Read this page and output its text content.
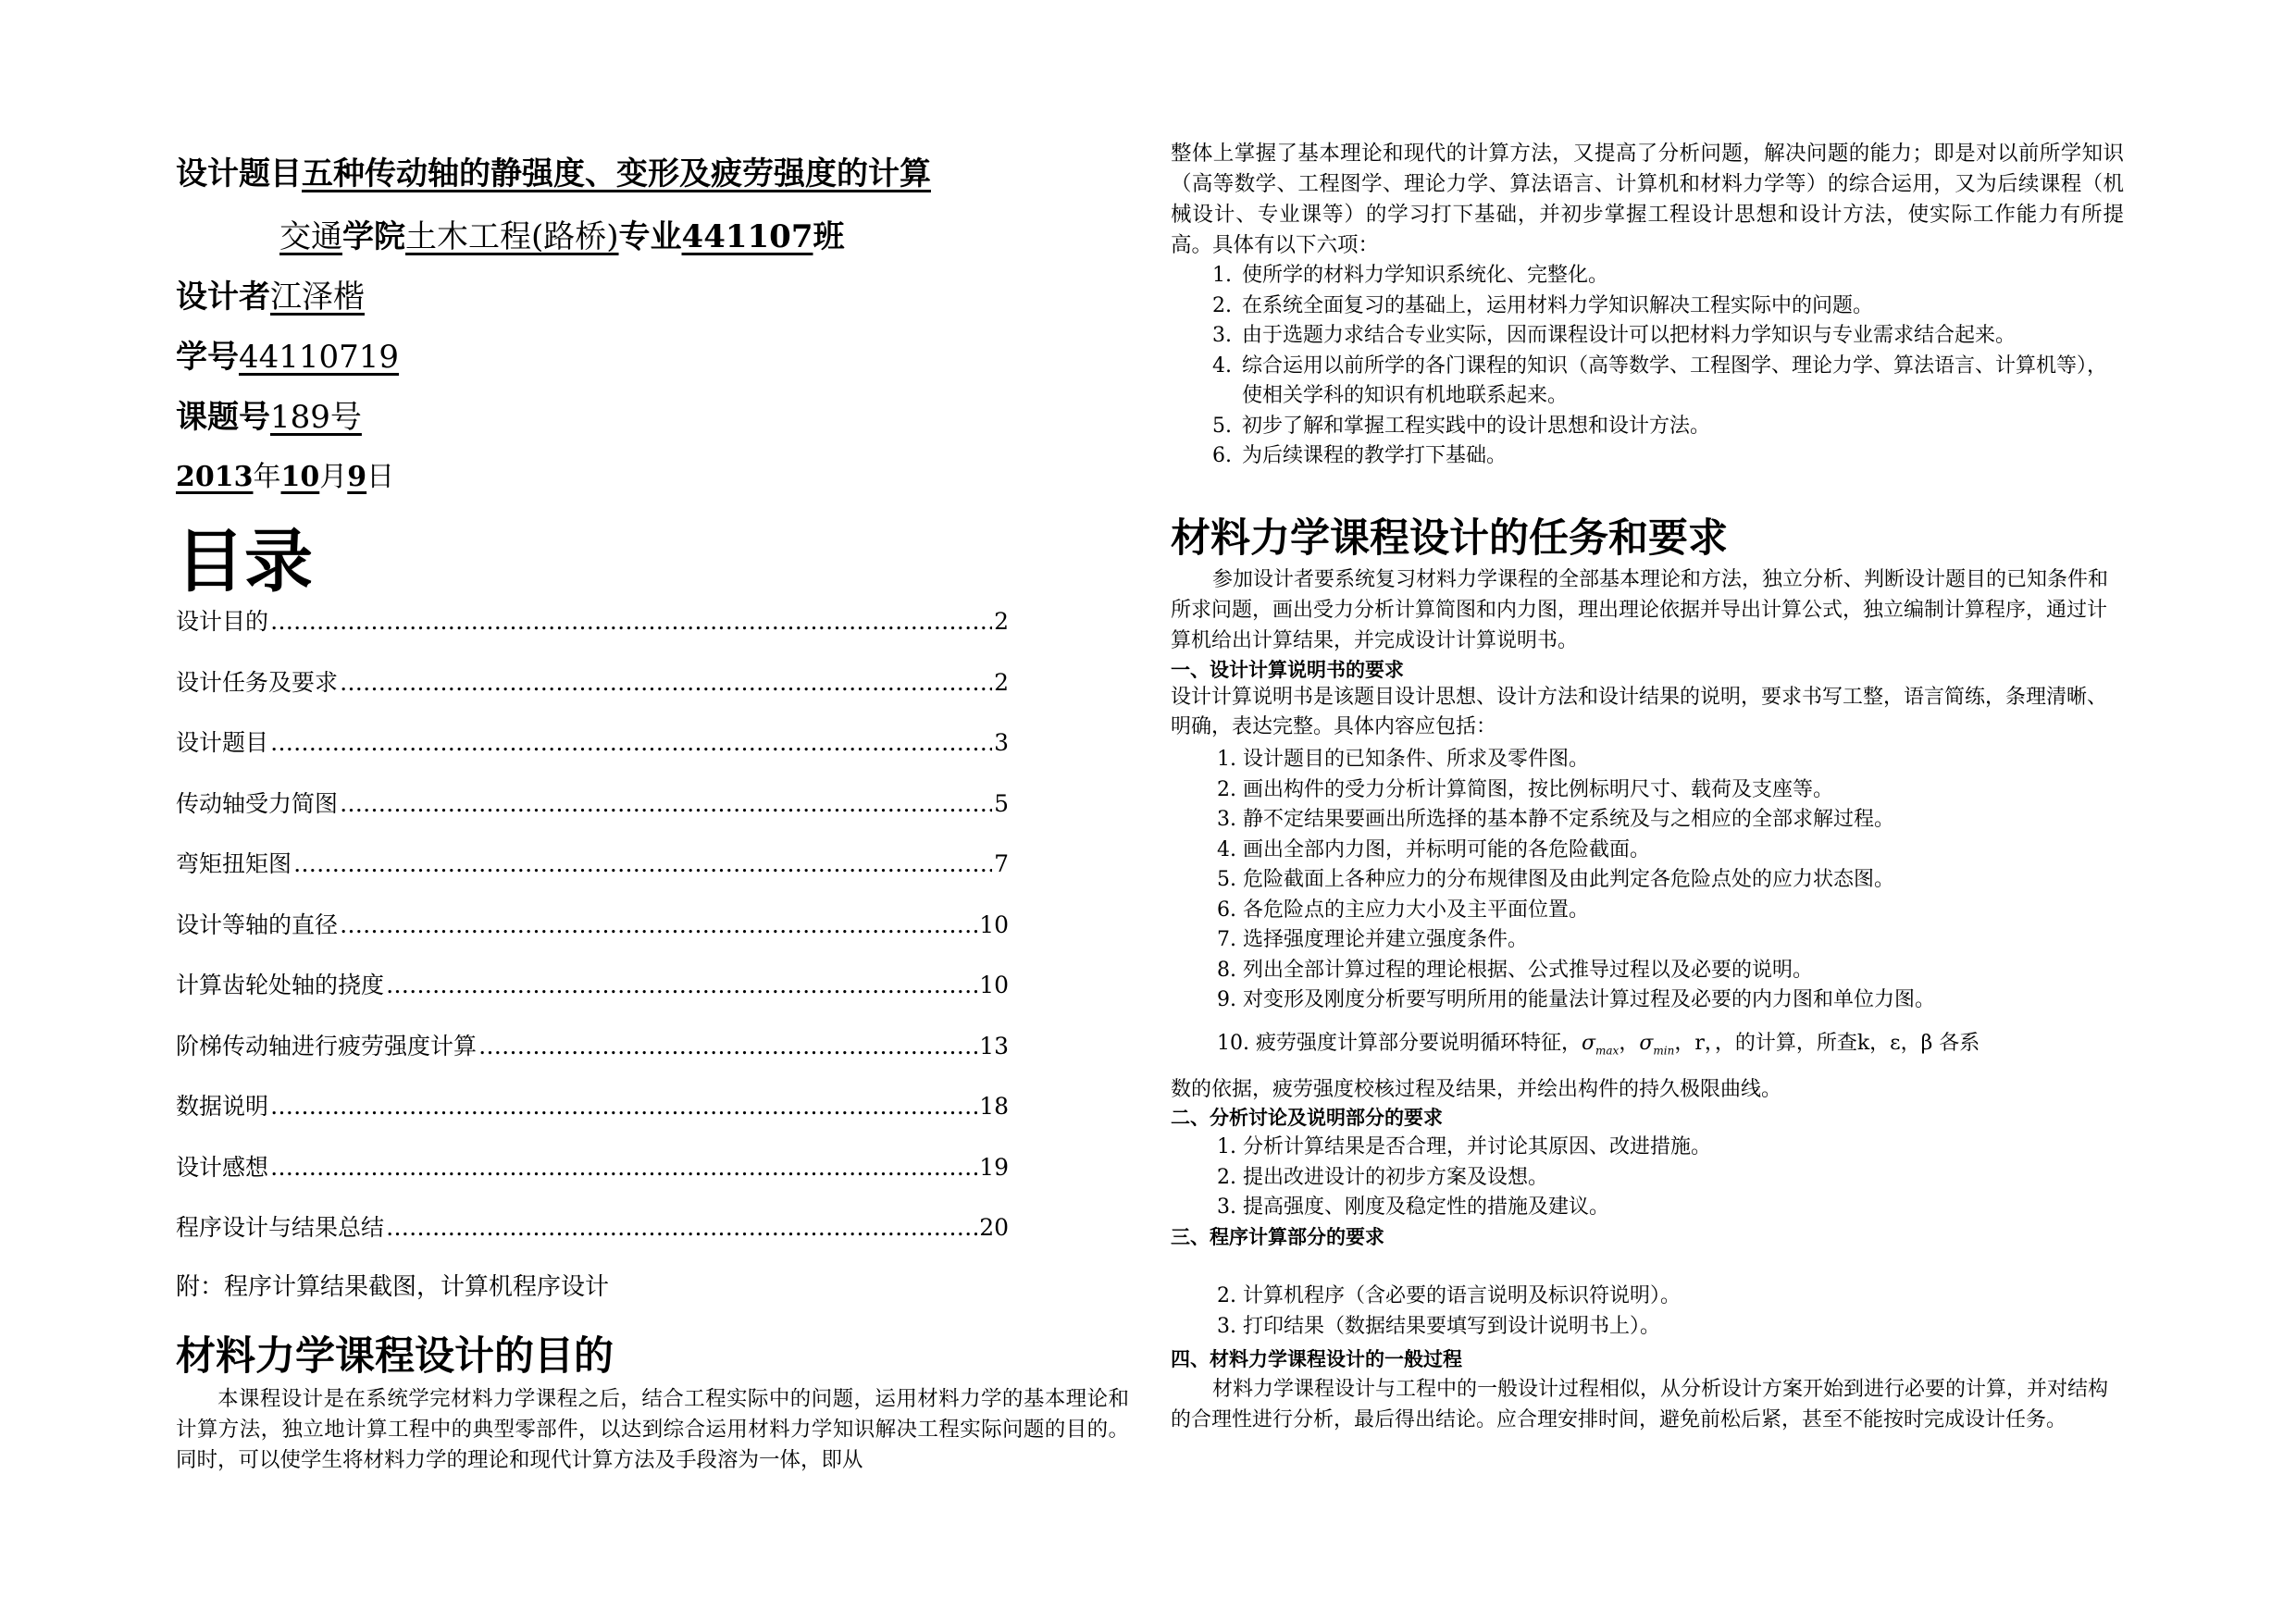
设计题目五种传动轴的静强度、变形及疲劳强度的计算
交通学院土木工程(路桥)专业441107班
设计者江泽楷
学号44110719
课题号189号
2013年10月9日
目录
设计目的 ……………………………………………………………………………………………………………………………	2
设计任务及要求 ……………………………………………………………………………………………………………………………	2
设计题目 ……………………………………………………………………………………………………………………………	3
传动轴受力简图 ……………………………………………………………………………………………………………………………	5
弯矩扭矩图 ……………………………………………………………………………………………………………………………	7
设计等轴的直径 ……………………………………………………………………………………………………………………………	10
计算齿轮处轴的挠度 ……………………………………………………………………………………………………………………………	10
阶梯传动轴进行疲劳强度计算 ……………………………………………………………………………………………………………………………	13
数据说明 ……………………………………………………………………………………………………………………………	18
设计感想 ……………………………………………………………………………………………………………………………	19
程序设计与结果总结 ……………………………………………………………………………………………………………………………	20
附：程序计算结果截图，计算机程序设计
材料力学课程设计的目的
本课程设计是在系统学完材料力学课程之后，结合工程实际中的问题，运用材料力学的基本理论和计算方法，独立地计算工程中的典型零部件，以达到综合运用材料力学知识解决工程实际问题的目的。同时，可以使学生将材料力学的理论和现代计算方法及手段溶为一体，即从
整体上掌握了基本理论和现代的计算方法，又提高了分析问题，解决问题的能力；即是对以前所学知识（高等数学、工程图学、理论力学、算法语言、计算机和材料力学等）的综合运用，又为后续课程（机械设计、专业课等）的学习打下基础，并初步掌握工程设计思想和设计方法，使实际工作能力有所提高。具体有以下六项：
1. 使所学的材料力学知识系统化、完整化。
2. 在系统全面复习的基础上，运用材料力学知识解决工程实际中的问题。
3. 由于选题力求结合专业实际，因而课程设计可以把材料力学知识与专业需求结合起来。
4. 综合运用以前所学的各门课程的知识（高等数学、工程图学、理论力学、算法语言、计算机等），使相关学科的知识有机地联系起来。
5. 初步了解和掌握工程实践中的设计思想和设计方法。
6. 为后续课程的教学打下基础。
材料力学课程设计的任务和要求
参加设计者要系统复习材料力学课程的全部基本理论和方法，独立分析、判断设计题目的已知条件和所求问题，画出受力分析计算简图和内力图，理出理论依据并导出计算公式，独立编制计算程序，通过计算机给出计算结果，并完成设计计算说明书。
一、设计计算说明书的要求
设计计算说明书是该题目设计思想、设计方法和设计结果的说明，要求书写工整，语言简练，条理清晰、明确，表达完整。具体内容应包括：
1. 设计题目的已知条件、所求及零件图。
2. 画出构件的受力分析计算简图，按比例标明尺寸、载荷及支座等。
3. 静不定结果要画出所选择的基本静不定系统及与之相应的全部求解过程。
4. 画出全部内力图，并标明可能的各危险截面。
5. 危险截面上各种应力的分布规律图及由此判定各危险点处的应力状态图。
6. 各危险点的主应力大小及主平面位置。
7. 选择强度理论并建立强度条件。
8. 列出全部计算过程的理论根据、公式推导过程以及必要的说明。
9. 对变形及刚度分析要写明所用的能量法计算过程及必要的内力图和单位力图。
10. 疲劳强度计算部分要说明循环特征，$\sigma_{max}$，$\sigma_{min}$，r，，的计算，所查k，ε，β 各系
数的依据，疲劳强度校核过程及结果，并绘出构件的持久极限曲线。
二、分析讨论及说明部分的要求
1. 分析计算结果是否合理，并讨论其原因、改进措施。
2. 提出改进设计的初步方案及设想。
3. 提高强度、刚度及稳定性的措施及建议。
三、程序计算部分的要求
2. 计算机程序（含必要的语言说明及标识符说明）。
3. 打印结果（数据结果要填写到设计说明书上）。
四、材料力学课程设计的一般过程
材料力学课程设计与工程中的一般设计过程相似，从分析设计方案开始到进行必要的计算，并对结构的合理性进行分析，最后得出结论。应合理安排时间，避免前松后紧，甚至不能按时完成设计任务。
